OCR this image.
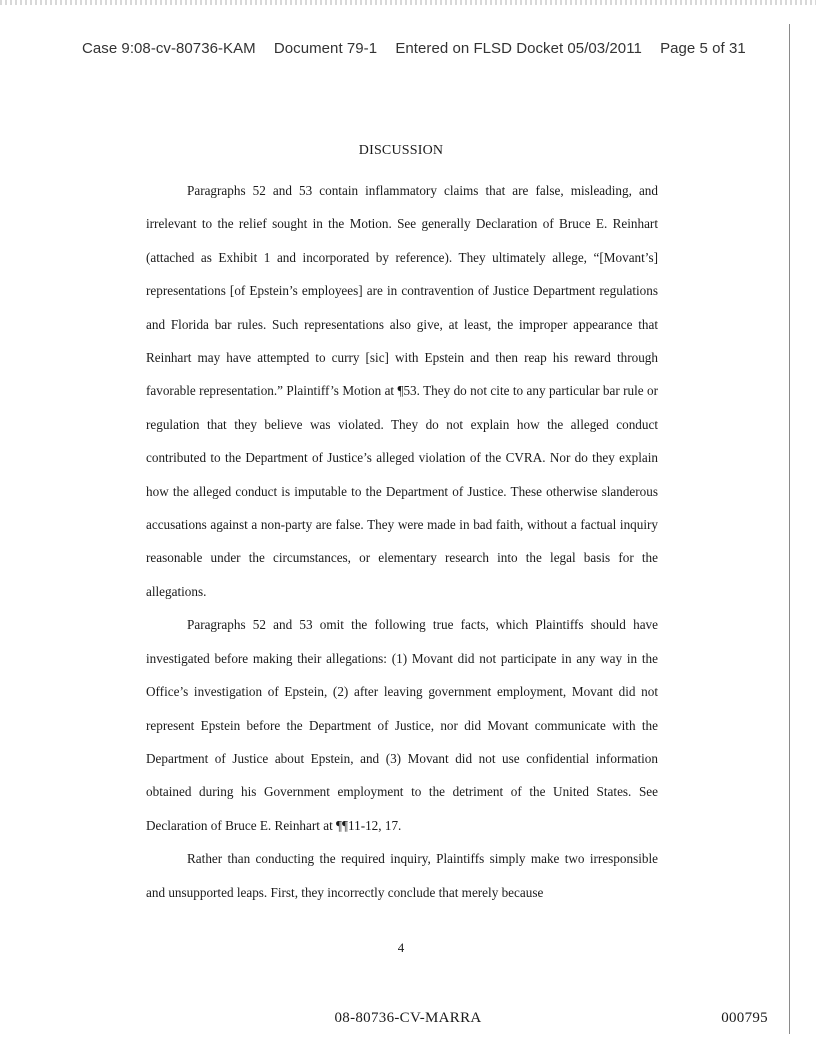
Case 9:08-cv-80736-KAM Document 79-1 Entered on FLSD Docket 05/03/2011 Page 5 of 31
DISCUSSION

Paragraphs 52 and 53 contain inflammatory claims that are false, misleading, and irrelevant to the relief sought in the Motion. See generally Declaration of Bruce E. Reinhart (attached as Exhibit 1 and incorporated by reference). They ultimately allege, “[Movant’s] representations [of Epstein’s employees] are in contravention of Justice Department regulations and Florida bar rules. Such representations also give, at least, the improper appearance that Reinhart may have attempted to curry [sic] with Epstein and then reap his reward through favorable representation.” Plaintiff’s Motion at ¶53. They do not cite to any particular bar rule or regulation that they believe was violated. They do not explain how the alleged conduct contributed to the Department of Justice’s alleged violation of the CVRA. Nor do they explain how the alleged conduct is imputable to the Department of Justice. These otherwise slanderous accusations against a non-party are false. They were made in bad faith, without a factual inquiry reasonable under the circumstances, or elementary research into the legal basis for the allegations.

Paragraphs 52 and 53 omit the following true facts, which Plaintiffs should have investigated before making their allegations: (1) Movant did not participate in any way in the Office’s investigation of Epstein, (2) after leaving government employment, Movant did not represent Epstein before the Department of Justice, nor did Movant communicate with the Department of Justice about Epstein, and (3) Movant did not use confidential information obtained during his Government employment to the detriment of the United States. See Declaration of Bruce E. Reinhart at ¶¶11-12, 17.

Rather than conducting the required inquiry, Plaintiffs simply make two irresponsible and unsupported leaps. First, they incorrectly conclude that merely because

4
08-80736-CV-MARRA	000795
